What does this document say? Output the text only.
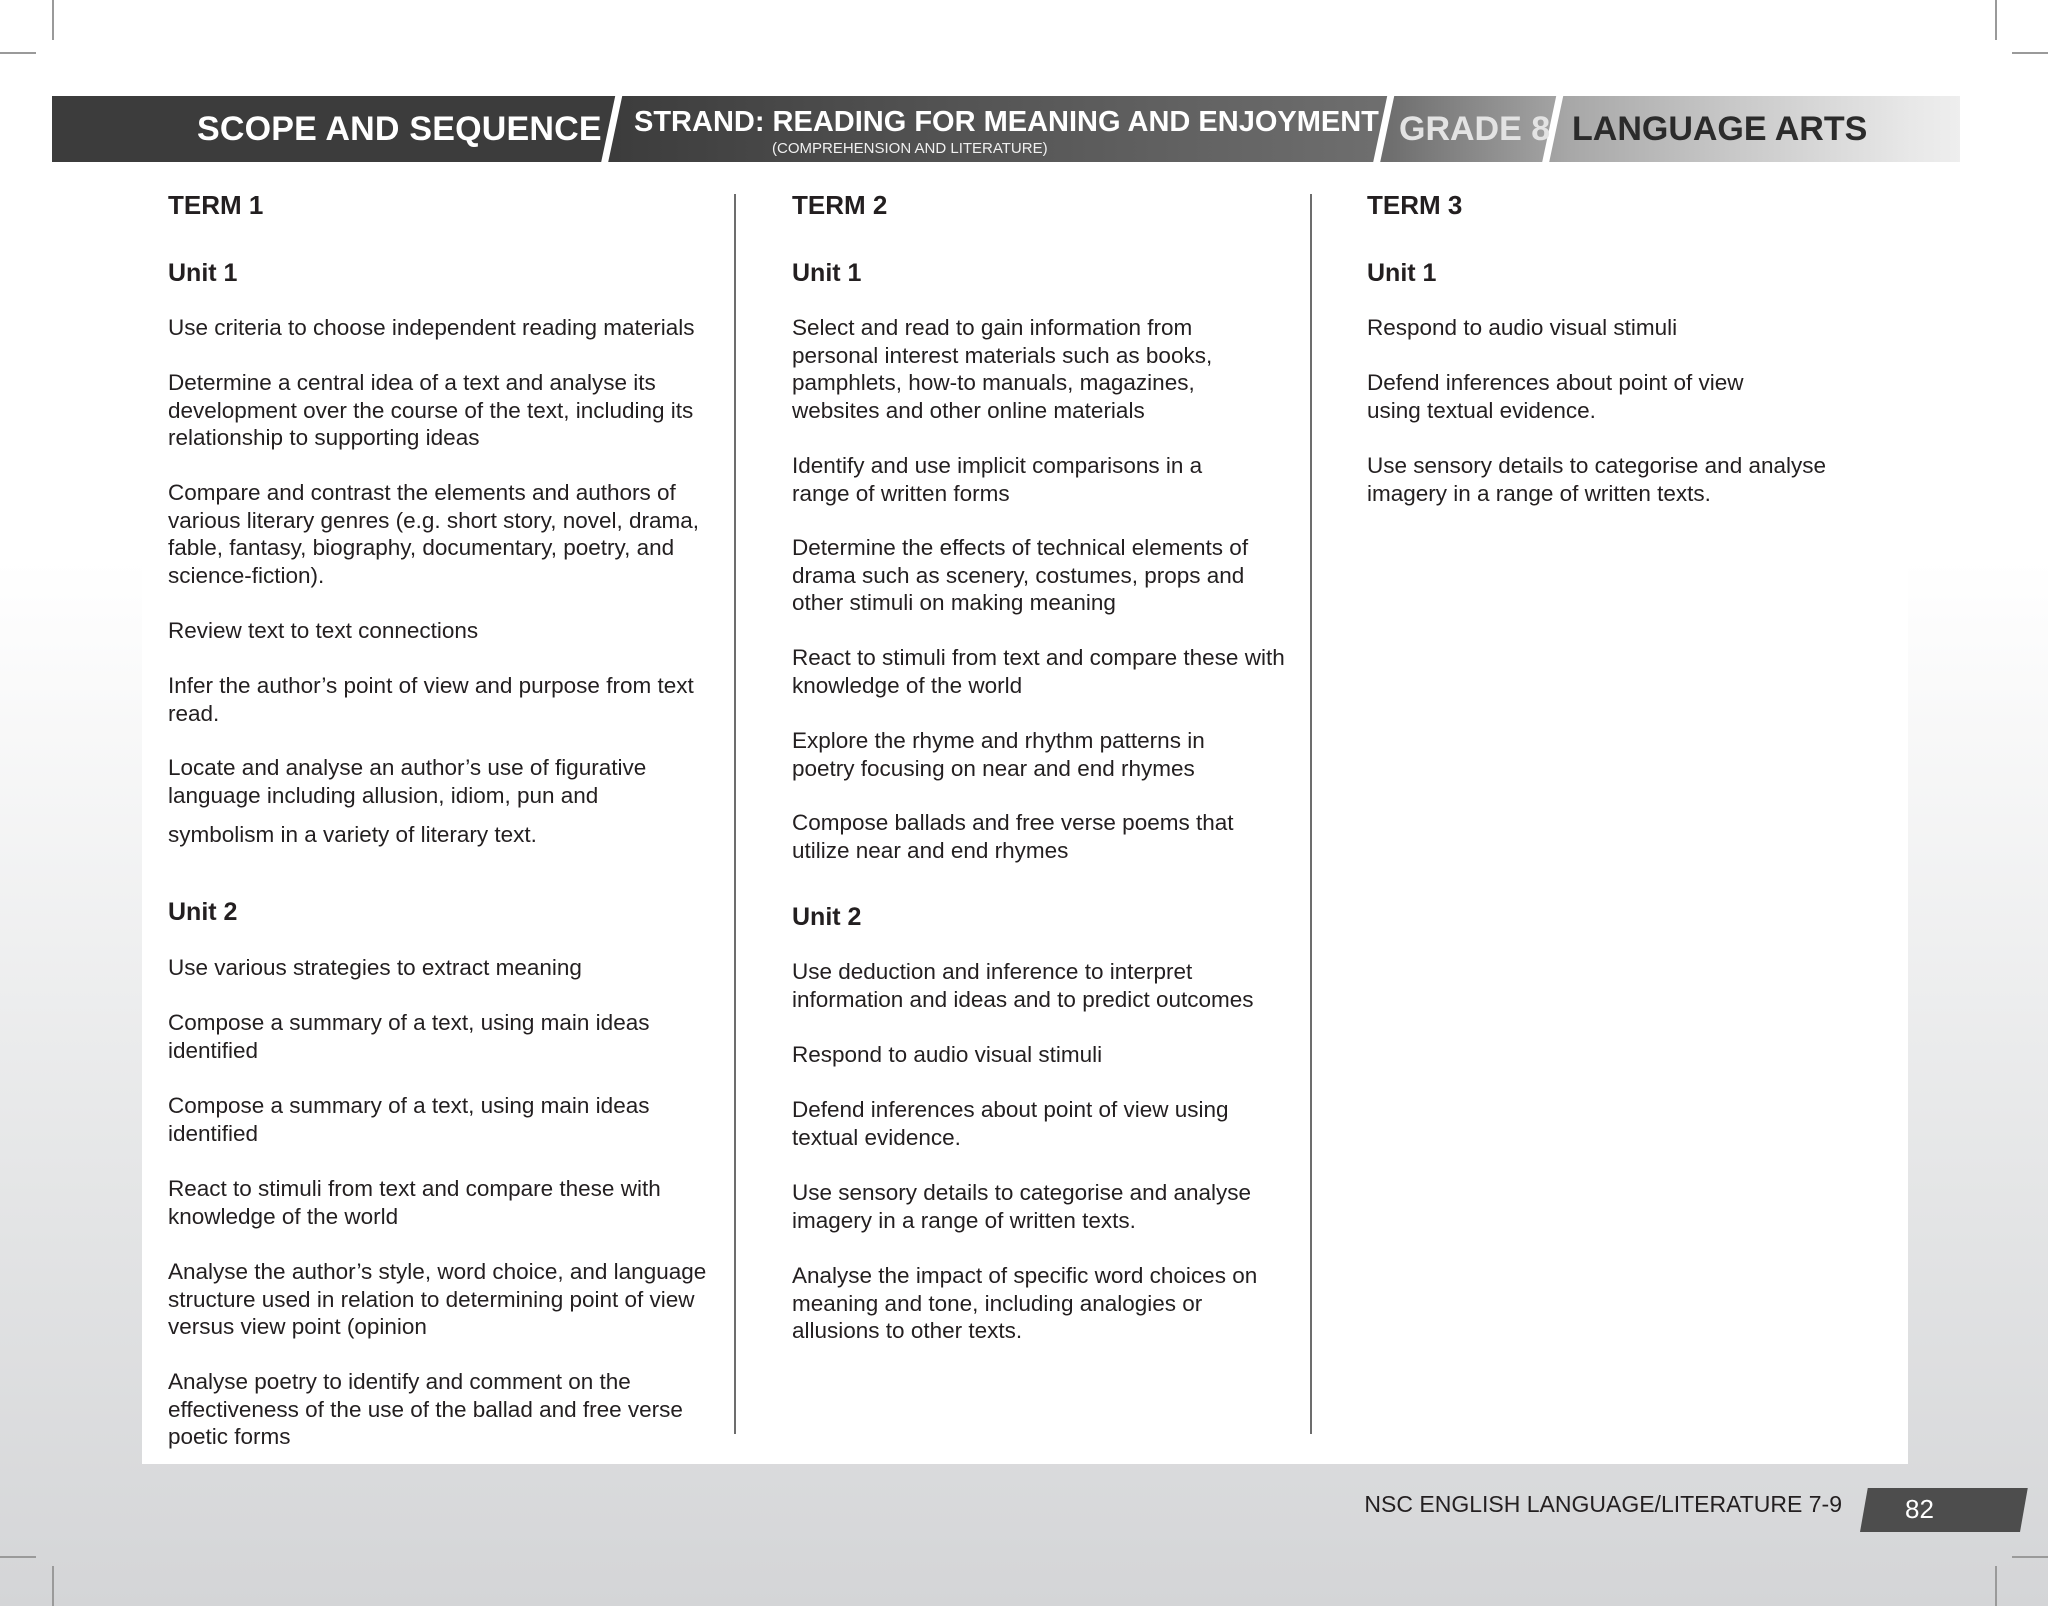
SCOPE AND SEQUENCE STRAND: READING FOR MEANING AND ENJOYMENT
(COMPREHENSION AND LITERATURE)
GRADE 8 LANGUAGE ARTS
TERM 1
Unit 1
Use criteria to choose independent reading materials
Determine a central idea of a text and analyse its development over the course of the text, including its relationship to supporting ideas
Compare and contrast the elements and authors of various literary genres (e.g. short story, novel, drama, fable, fantasy, biography, documentary, poetry, and science-fiction).
Review text to text connections
Infer the author’s point of view and purpose from text read.
Locate and analyse an author’s use of figurative language including allusion, idiom, pun and
symbolism in a variety of literary text.
Unit 2
Use various strategies to extract meaning
Compose a summary of a text, using main ideas identified
Compose a summary of a text, using main ideas identified
React to stimuli from text and compare these with knowledge of the world
Analyse the author’s style, word choice, and language structure used in relation to determining point of view versus view point (opinion
Analyse poetry to identify and comment on the effectiveness of the use of the ballad and free verse poetic forms
TERM 2
Unit 1
Select and read to gain information from personal interest materials such as books, pamphlets, how-to manuals, magazines, websites and other online materials
Identify and use implicit comparisons in a range of written forms
Determine the effects of technical elements of drama such as scenery, costumes, props and other stimuli on making meaning
React to stimuli from text and compare these with knowledge of the world
Explore the rhyme and rhythm patterns in poetry focusing on near and end rhymes
Compose ballads and free verse poems that utilize near and end rhymes
Unit 2
Use deduction and inference to interpret information and ideas and to predict outcomes
Respond to audio visual stimuli
Defend inferences about point of view using textual evidence.
Use sensory details to categorise and analyse imagery in a range of written texts.
Analyse the impact of specific word choices on meaning and tone, including analogies or allusions to other texts.
TERM 3
Unit 1
Respond to audio visual stimuli
Defend inferences about point of view using textual evidence.
Use sensory details to categorise and analyse imagery in a range of written texts.
NSC ENGLISH LANGUAGE/LITERATURE 7-9 82
